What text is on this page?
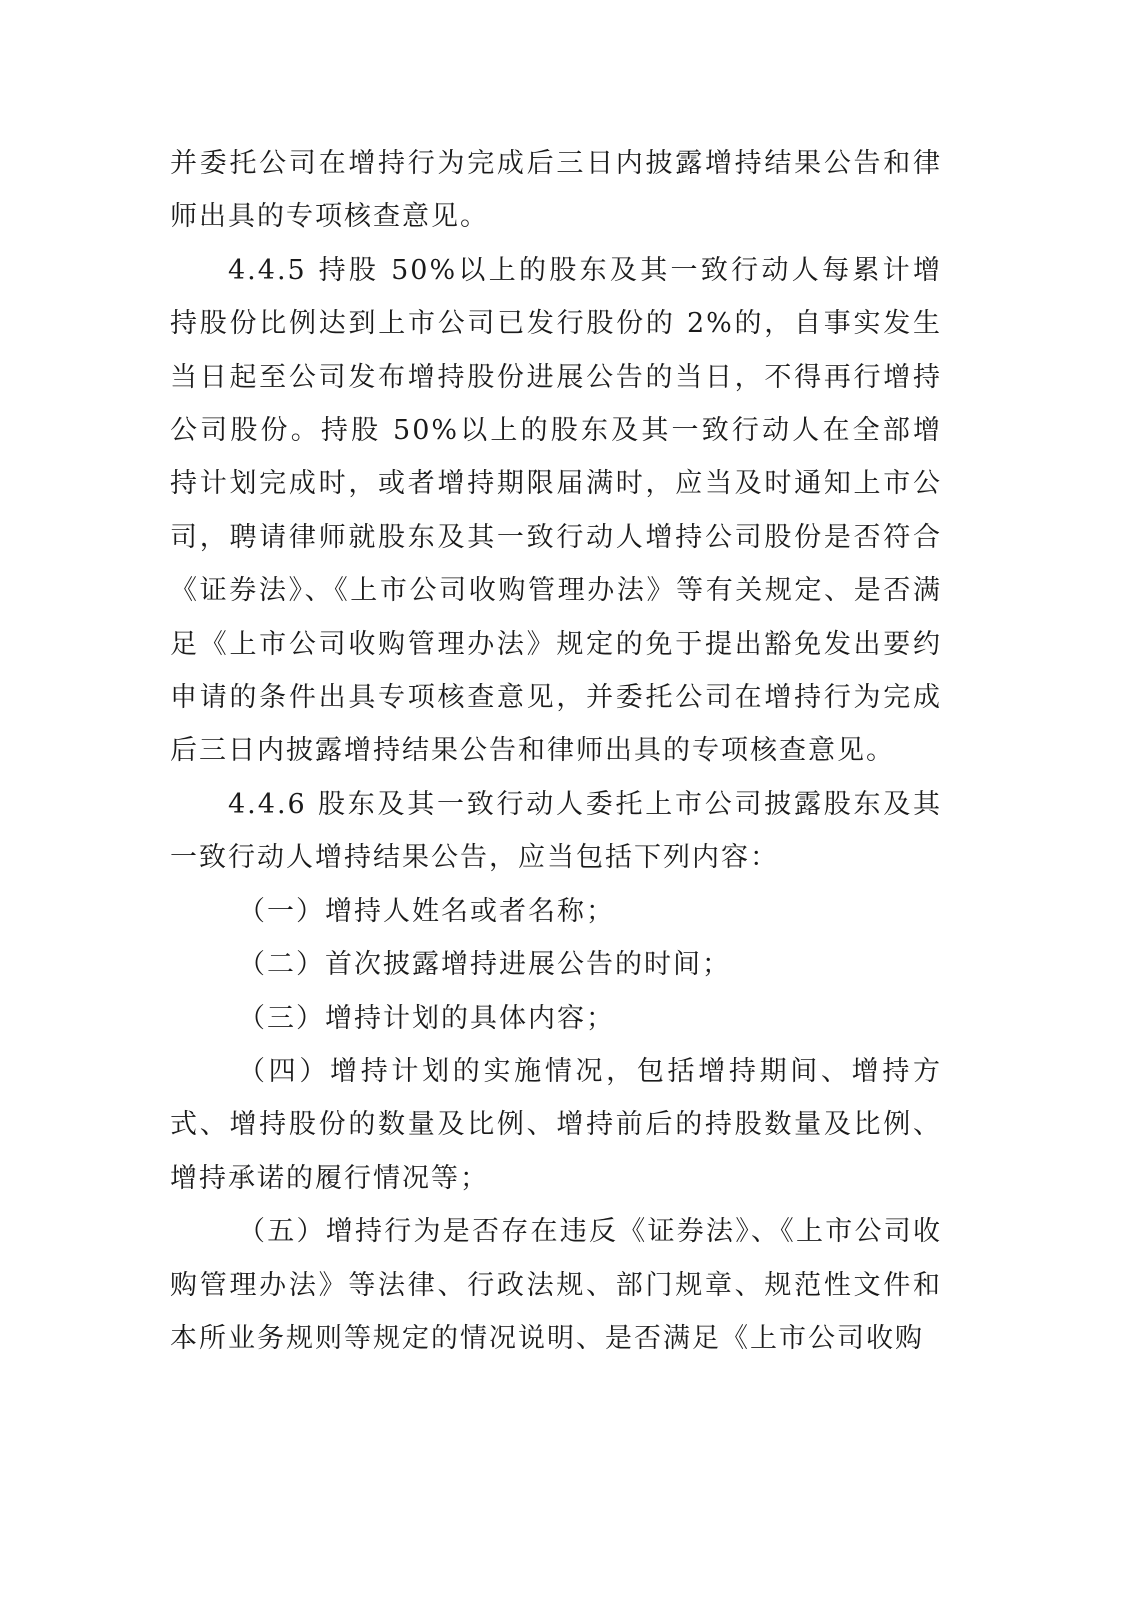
并委托公司在增持行为完成后三日内披露增持结果公告和律师出具的专项核查意见。

4.4.5 持股 50%以上的股东及其一致行动人每累计增持股份比例达到上市公司已发行股份的 2%的，自事实发生当日起至公司发布增持股份进展公告的当日，不得再行增持公司股份。持股 50%以上的股东及其一致行动人在全部增持计划完成时，或者增持期限届满时，应当及时通知上市公司，聘请律师就股东及其一致行动人增持公司股份是否符合《证券法》、《上市公司收购管理办法》等有关规定、是否满足《上市公司收购管理办法》规定的免于提出豁免发出要约申请的条件出具专项核查意见，并委托公司在增持行为完成后三日内披露增持结果公告和律师出具的专项核查意见。

4.4.6 股东及其一致行动人委托上市公司披露股东及其一致行动人增持结果公告，应当包括下列内容：

（一）增持人姓名或者名称；

（二）首次披露增持进展公告的时间；

（三）增持计划的具体内容；

（四）增持计划的实施情况，包括增持期间、增持方式、增持股份的数量及比例、增持前后的持股数量及比例、增持承诺的履行情况等；

（五）增持行为是否存在违反《证券法》、《上市公司收购管理办法》等法律、行政法规、部门规章、规范性文件和本所业务规则等规定的情况说明、是否满足《上市公司收购
